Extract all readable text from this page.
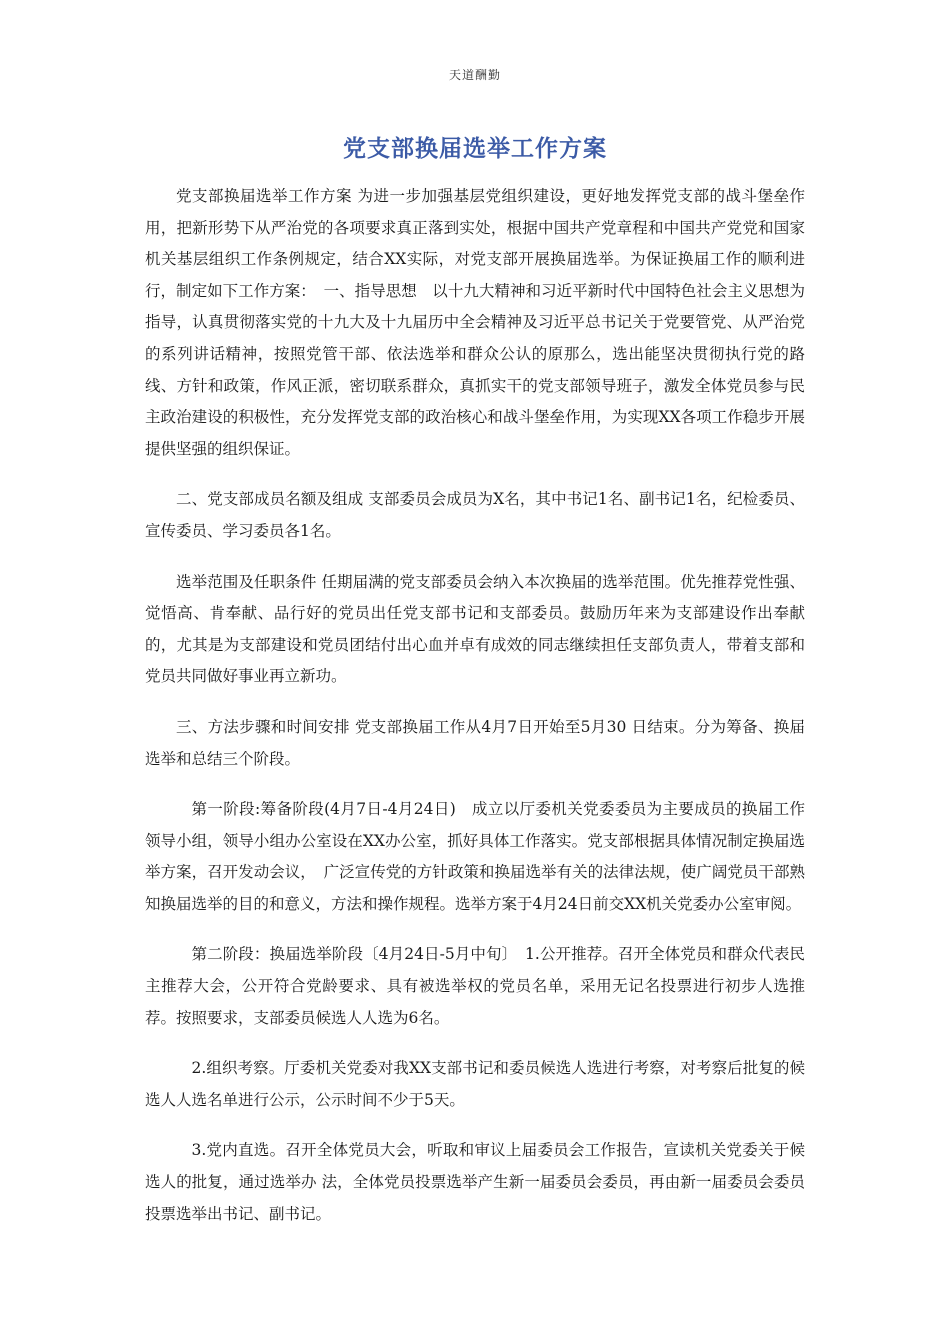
天道酬勤
党支部换届选举工作方案

党支部换届选举工作方案 为进一步加强基层党组织建设，更好地发挥党支部的战斗堡垒作用，把新形势下从严治党的各项要求真正落到实处，根据中国共产党章程和中国共产党党和国家机关基层组织工作条例规定，结合XX实际，对党支部开展换届选举。为保证换届工作的顺利进行，制定如下工作方案：　一、指导思想　以十九大精神和习近平新时代中国特色社会主义思想为指导，认真贯彻落实党的十九大及十九届历中全会精神及习近平总书记关于党要管党、从严治党的系列讲话精神，按照党管干部、依法选举和群众公认的原那么，选出能坚决贯彻执行党的路线、方针和政策，作风正派，密切联系群众，真抓实干的党支部领导班子，激发全体党员参与民主政治建设的积极性，充分发挥党支部的政治核心和战斗堡垒作用，为实现XX各项工作稳步开展提供坚强的组织保证。

二、党支部成员名额及组成 支部委员会成员为X名，其中书记1名、副书记1名，纪检委员、宣传委员、学习委员各1名。

选举范围及任职条件 任期届满的党支部委员会纳入本次换届的选举范围。优先推荐党性强、觉悟高、肯奉献、品行好的党员出任党支部书记和支部委员。鼓励历年来为支部建设作出奉献的，尤其是为支部建设和党员团结付出心血并卓有成效的同志继续担任支部负责人，带着支部和党员共同做好事业再立新功。

三、方法步骤和时间安排 党支部换届工作从4月7日开始至5月30 日结束。分为筹备、换届选举和总结三个阶段。

第一阶段:筹备阶段(4月7日-4月24日)　成立以厅委机关党委委员为主要成员的换届工作领导小组，领导小组办公室设在XX办公室，抓好具体工作落实。党支部根据具体情况制定换届选举方案，召开发动会议，　广泛宣传党的方针政策和换届选举有关的法律法规，使广阔党员干部熟知换届选举的目的和意义，方法和操作规程。选举方案于4月24日前交XX机关党委办公室审阅。

第二阶段：换届选举阶段〔4月24日-5月中旬〕　1.公开推荐。召开全体党员和群众代表民主推荐大会，公开符合党龄要求、具有被选举权的党员名单，采用无记名投票进行初步人选推荐。按照要求，支部委员候选人人选为6名。

2.组织考察。厅委机关党委对我XX支部书记和委员候选人选进行考察，对考察后批复的候选人人选名单进行公示，公示时间不少于5天。

3.党内直选。召开全体党员大会，听取和审议上届委员会工作报告，宣读机关党委关于候选人的批复，通过选举办 法，全体党员投票选举产生新一届委员会委员，再由新一届委员会委员投票选举出书记、副书记。
